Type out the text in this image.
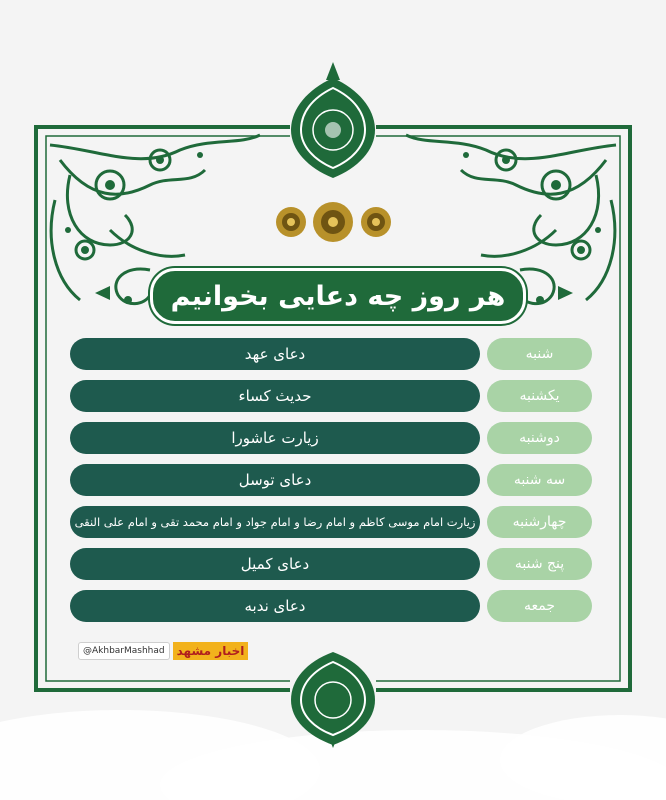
هر روز چه دعایی بخوانیم
دعای عهد	شنبه
حدیث کساء	یکشنبه
زیارت عاشورا	دوشنبه
دعای توسل	سه شنبه
زیارت امام موسی کاظم و امام رضا و امام جواد و امام محمد تقی و امام علی النقی	چهارشنبه
دعای کمیل	پنج شنبه
دعای ندبه	جمعه
@AkhbarMashhad	اخبار مشهد
